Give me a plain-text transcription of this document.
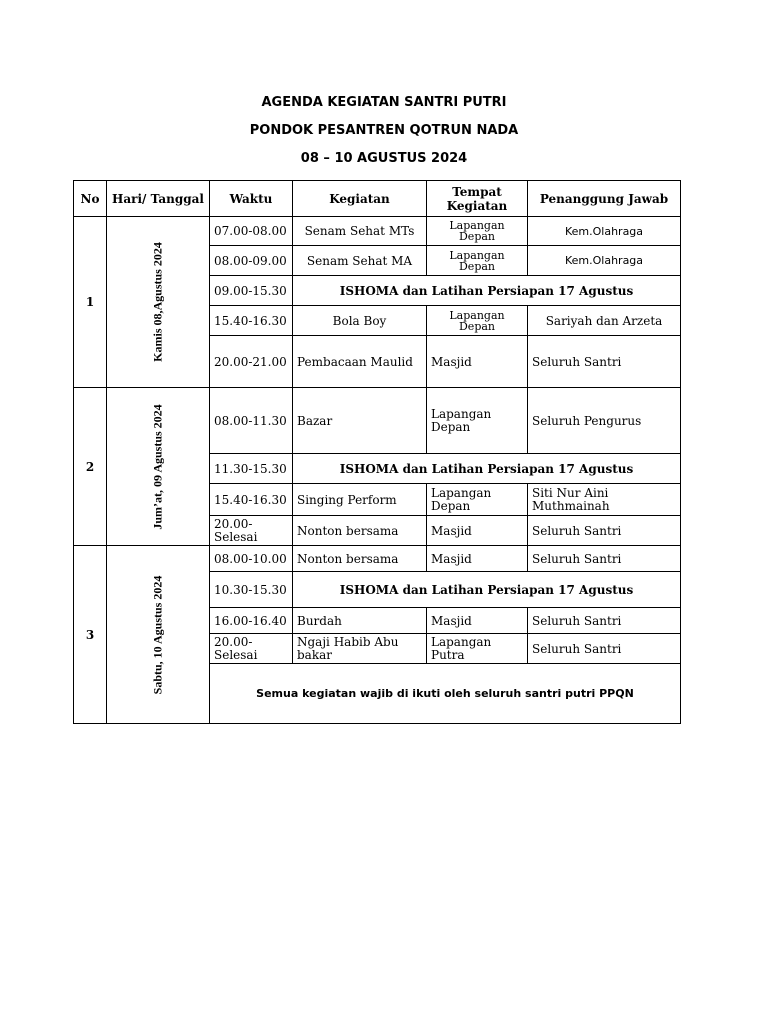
AGENDA KEGIATAN SANTRI PUTRI
PONDOK PESANTREN QOTRUN NADA
08 – 10 AGUSTUS 2024
No	Hari/ Tanggal	Waktu	Kegiatan	Tempat Kegiatan	Penanggung Jawab
1	Kamis 08,Agustus 2024	07.00-08.00	Senam Sehat MTs	Lapangan Depan	Kem.Olahraga
		08.00-09.00	Senam Sehat MA	Lapangan Depan	Kem.Olahraga
		09.00-15.30	ISHOMA dan Latihan Persiapan 17 Agustus		
		15.40-16.30	Bola Boy	Lapangan Depan	Sariyah dan Arzeta
		20.00-21.00	Pembacaan Maulid	Masjid	Seluruh Santri
2	Jum’at, 09 Agustus 2024	08.00-11.30	Bazar	Lapangan Depan	Seluruh Pengurus
		11.30-15.30	ISHOMA dan Latihan Persiapan 17 Agustus		
		15.40-16.30	Singing Perform	Lapangan Depan	Siti Nur Aini Muthmainah
		20.00-Selesai	Nonton bersama	Masjid	Seluruh Santri
3	Sabtu, 10 Agustus 2024	08.00-10.00	Nonton bersama	Masjid	Seluruh Santri
		10.30-15.30	ISHOMA dan Latihan Persiapan 17 Agustus		
		16.00-16.40	Burdah	Masjid	Seluruh Santri
		20.00-Selesai	Ngaji Habib Abu bakar	Lapangan Putra	Seluruh Santri
		Semua kegiatan wajib di ikuti oleh seluruh santri putri PPQN			
